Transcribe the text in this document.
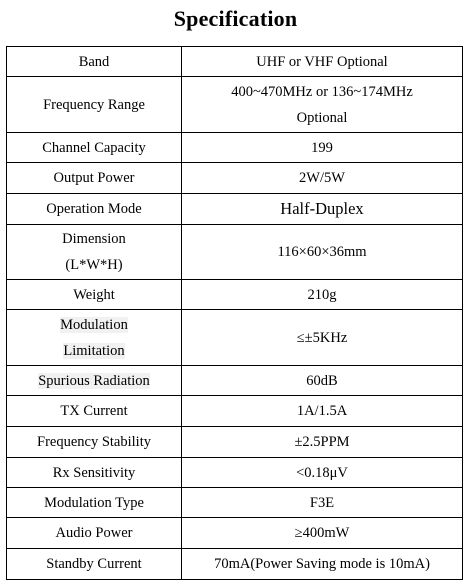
Specification
Band	UHF or VHF Optional
Frequency Range	400~470MHz or 136~174MHz Optional
Channel Capacity	199
Output Power	2W/5W
Operation Mode	Half-Duplex
Dimension (L*W*H)	116×60×36mm
Weight	210g
Modulation Limitation	≤±5KHz
Spurious Radiation	60dB
TX Current	1A/1.5A
Frequency Stability	±2.5PPM
Rx Sensitivity	<0.18μV
Modulation Type	F3E
Audio Power	≥400mW
Standby Current	70mA(Power Saving mode is 10mA)
